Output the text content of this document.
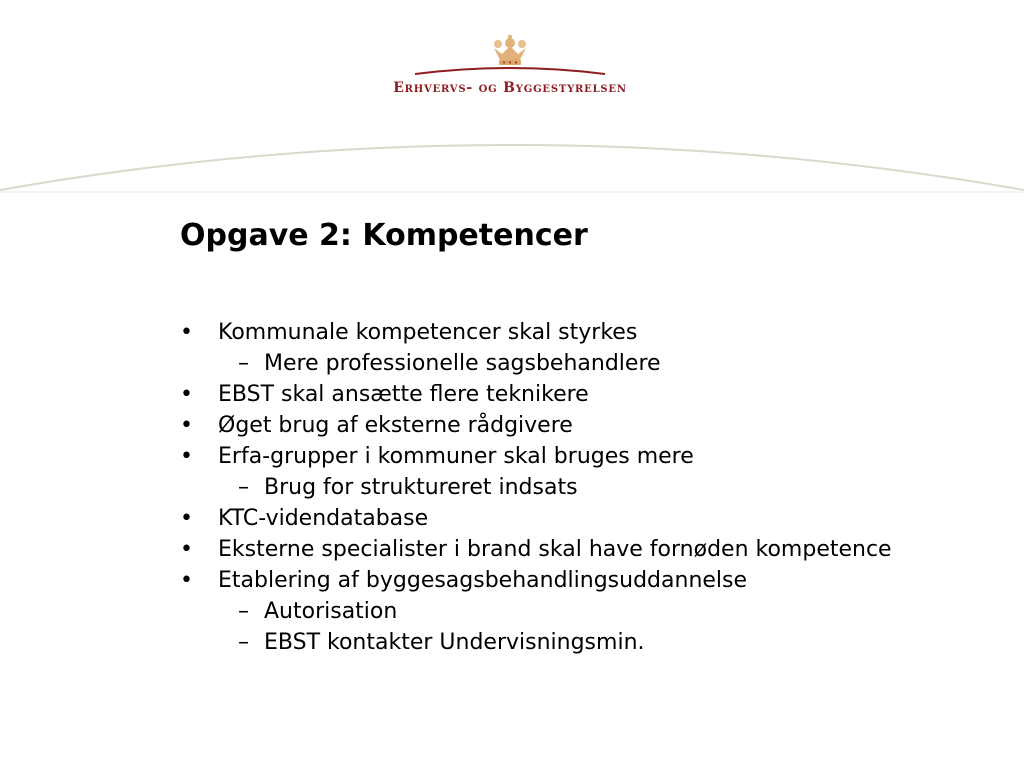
Erhvervs- og Byggestyrelsen
Opgave 2: Kompetencer
• Kommunale kompetencer skal styrkes
– Mere professionelle sagsbehandlere
• EBST skal ansætte flere teknikere
• Øget brug af eksterne rådgivere
• Erfa-grupper i kommuner skal bruges mere
– Brug for struktureret indsats
• KTC-videndatabase
• Eksterne specialister i brand skal have fornøden kompetence
• Etablering af byggesagsbehandlingsuddannelse
– Autorisation
– EBST kontakter Undervisningsmin.
